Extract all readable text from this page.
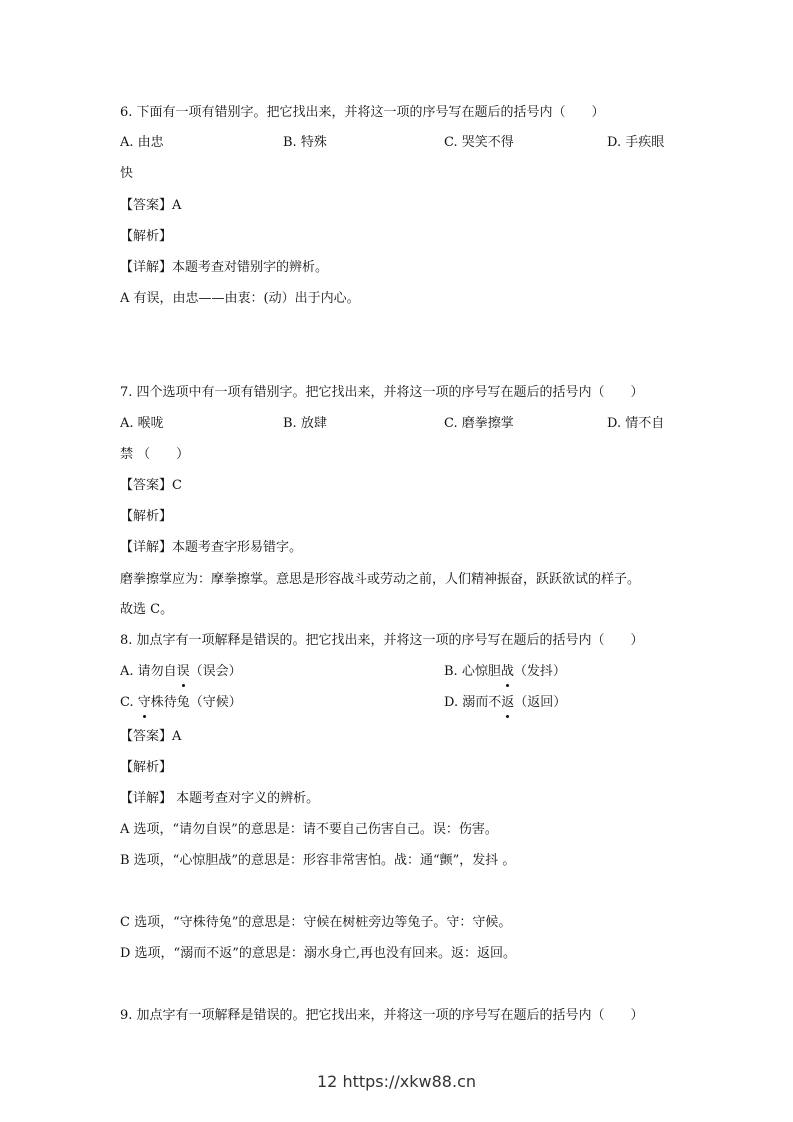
6. 下面有一项有错别字。把它找出来，并将这一项的序号写在题后的括号内（ ）
A. 由忠	B. 特殊	C. 哭笑不得	D. 手疾眼
快
【答案】A
【解析】
【详解】本题考查对错别字的辨析。
A 有误，由忠——由衷：(动）出于内心。
7. 四个选项中有一项有错别字。把它找出来，并将这一项的序号写在题后的括号内（ ）
A. 喉咙	B. 放肆	C. 磨拳擦掌	D. 情不自
禁 （ ）
【答案】C
【解析】
【详解】本题考查字形易错字。
磨拳擦掌应为：摩拳擦掌。意思是形容战斗或劳动之前，人们精神振奋，跃跃欲试的样子。
故选 C。
8. 加点字有一项解释是错误的。把它找出来，并将这一项的序号写在题后的括号内（ ）
A. 请勿自误（误会）	B. 心惊胆战（发抖）
C. 守株待兔（守候）	D. 溺而不返（返回）
【答案】A
【解析】
【详解】 本题考查对字义的辨析。
A 选项，“请勿自误”的意思是：请不要自己伤害自己。误：伤害。
B 选项，“心惊胆战”的意思是：形容非常害怕。战：通“颤”，发抖 。
C 选项，“守株待兔”的意思是：守候在树桩旁边等兔子。守：守候。
D 选项，“溺而不返”的意思是：溺水身亡,再也没有回来。返：返回。
9. 加点字有一项解释是错误的。把它找出来，并将这一项的序号写在题后的括号内（ ）
12 https://xkw88.cn
